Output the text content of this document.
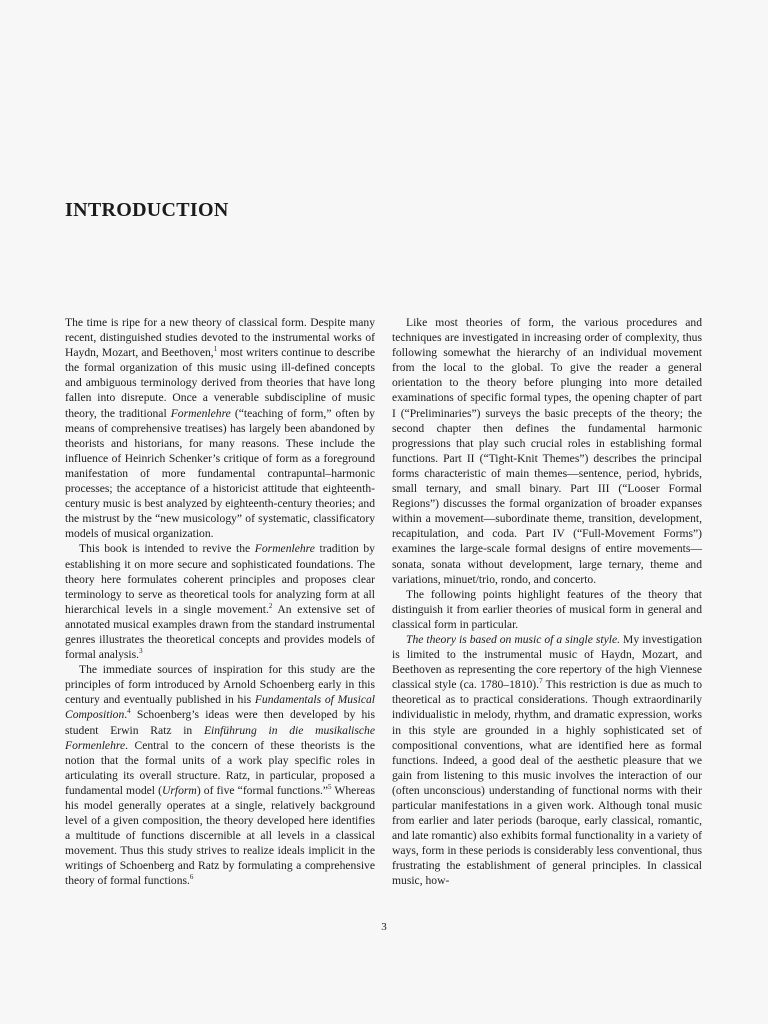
INTRODUCTION

The time is ripe for a new theory of classical form. Despite many recent, distinguished studies devoted to the instrumental works of Haydn, Mozart, and Beethoven,$^1$ most writers continue to describe the formal organization of this music using ill-defined concepts and ambiguous terminology derived from theories that have long fallen into disrepute. Once a venerable subdiscipline of music theory, the traditional Formenlehre (“teaching of form,” often by means of comprehensive treatises) has largely been abandoned by theorists and historians, for many reasons. These include the influence of Heinrich Schenker’s critique of form as a foreground manifestation of more fundamental contrapuntal–harmonic processes; the acceptance of a historicist attitude that eighteenth-century music is best analyzed by eighteenth-century theories; and the mistrust by the “new musicology” of systematic, classificatory models of musical organization.

This book is intended to revive the Formenlehre tradition by establishing it on more secure and sophisticated foundations. The theory here formulates coherent principles and proposes clear terminology to serve as theoretical tools for analyzing form at all hierarchical levels in a single movement.$^2$ An extensive set of annotated musical examples drawn from the standard instrumental genres illustrates the theoretical concepts and provides models of formal analysis.$^3$

The immediate sources of inspiration for this study are the principles of form introduced by Arnold Schoenberg early in this century and eventually published in his Fundamentals of Musical Composition.$^4$ Schoenberg’s ideas were then developed by his student Erwin Ratz in Einführung in die musikalische Formenlehre. Central to the concern of these theorists is the notion that the formal units of a work play specific roles in articulating its overall structure. Ratz, in particular, proposed a fundamental model (Urform) of five “formal functions.”$^5$ Whereas his model generally operates at a single, relatively background level of a given composition, the theory developed here identifies a multitude of functions discernible at all levels in a classical movement. Thus this study strives to realize ideals implicit in the writings of Schoenberg and Ratz by formulating a comprehensive theory of formal functions.$^6$

Like most theories of form, the various procedures and techniques are investigated in increasing order of complexity, thus following somewhat the hierarchy of an individual movement from the local to the global. To give the reader a general orientation to the theory before plunging into more detailed examinations of specific formal types, the opening chapter of part I (“Preliminaries”) surveys the basic precepts of the theory; the second chapter then defines the fundamental harmonic progressions that play such crucial roles in establishing formal functions. Part II (“Tight-Knit Themes”) describes the principal forms characteristic of main themes—sentence, period, hybrids, small ternary, and small binary. Part III (“Looser Formal Regions”) discusses the formal organization of broader expanses within a movement—subordinate theme, transition, development, recapitulation, and coda. Part IV (“Full-Movement Forms”) examines the large-scale formal designs of entire movements—sonata, sonata without development, large ternary, theme and variations, minuet/trio, rondo, and concerto.

The following points highlight features of the theory that distinguish it from earlier theories of musical form in general and classical form in particular.

The theory is based on music of a single style. My investigation is limited to the instrumental music of Haydn, Mozart, and Beethoven as representing the core repertory of the high Viennese classical style (ca. 1780–1810).$^7$ This restriction is due as much to theoretical as to practical considerations. Though extraordinarily individualistic in melody, rhythm, and dramatic expression, works in this style are grounded in a highly sophisticated set of compositional conventions, what are identified here as formal functions. Indeed, a good deal of the aesthetic pleasure that we gain from listening to this music involves the interaction of our (often unconscious) understanding of functional norms with their particular manifestations in a given work. Although tonal music from earlier and later periods (baroque, early classical, romantic, and late romantic) also exhibits formal functionality in a variety of ways, form in these periods is considerably less conventional, thus frustrating the establishment of general principles. In classical music, how-

3
